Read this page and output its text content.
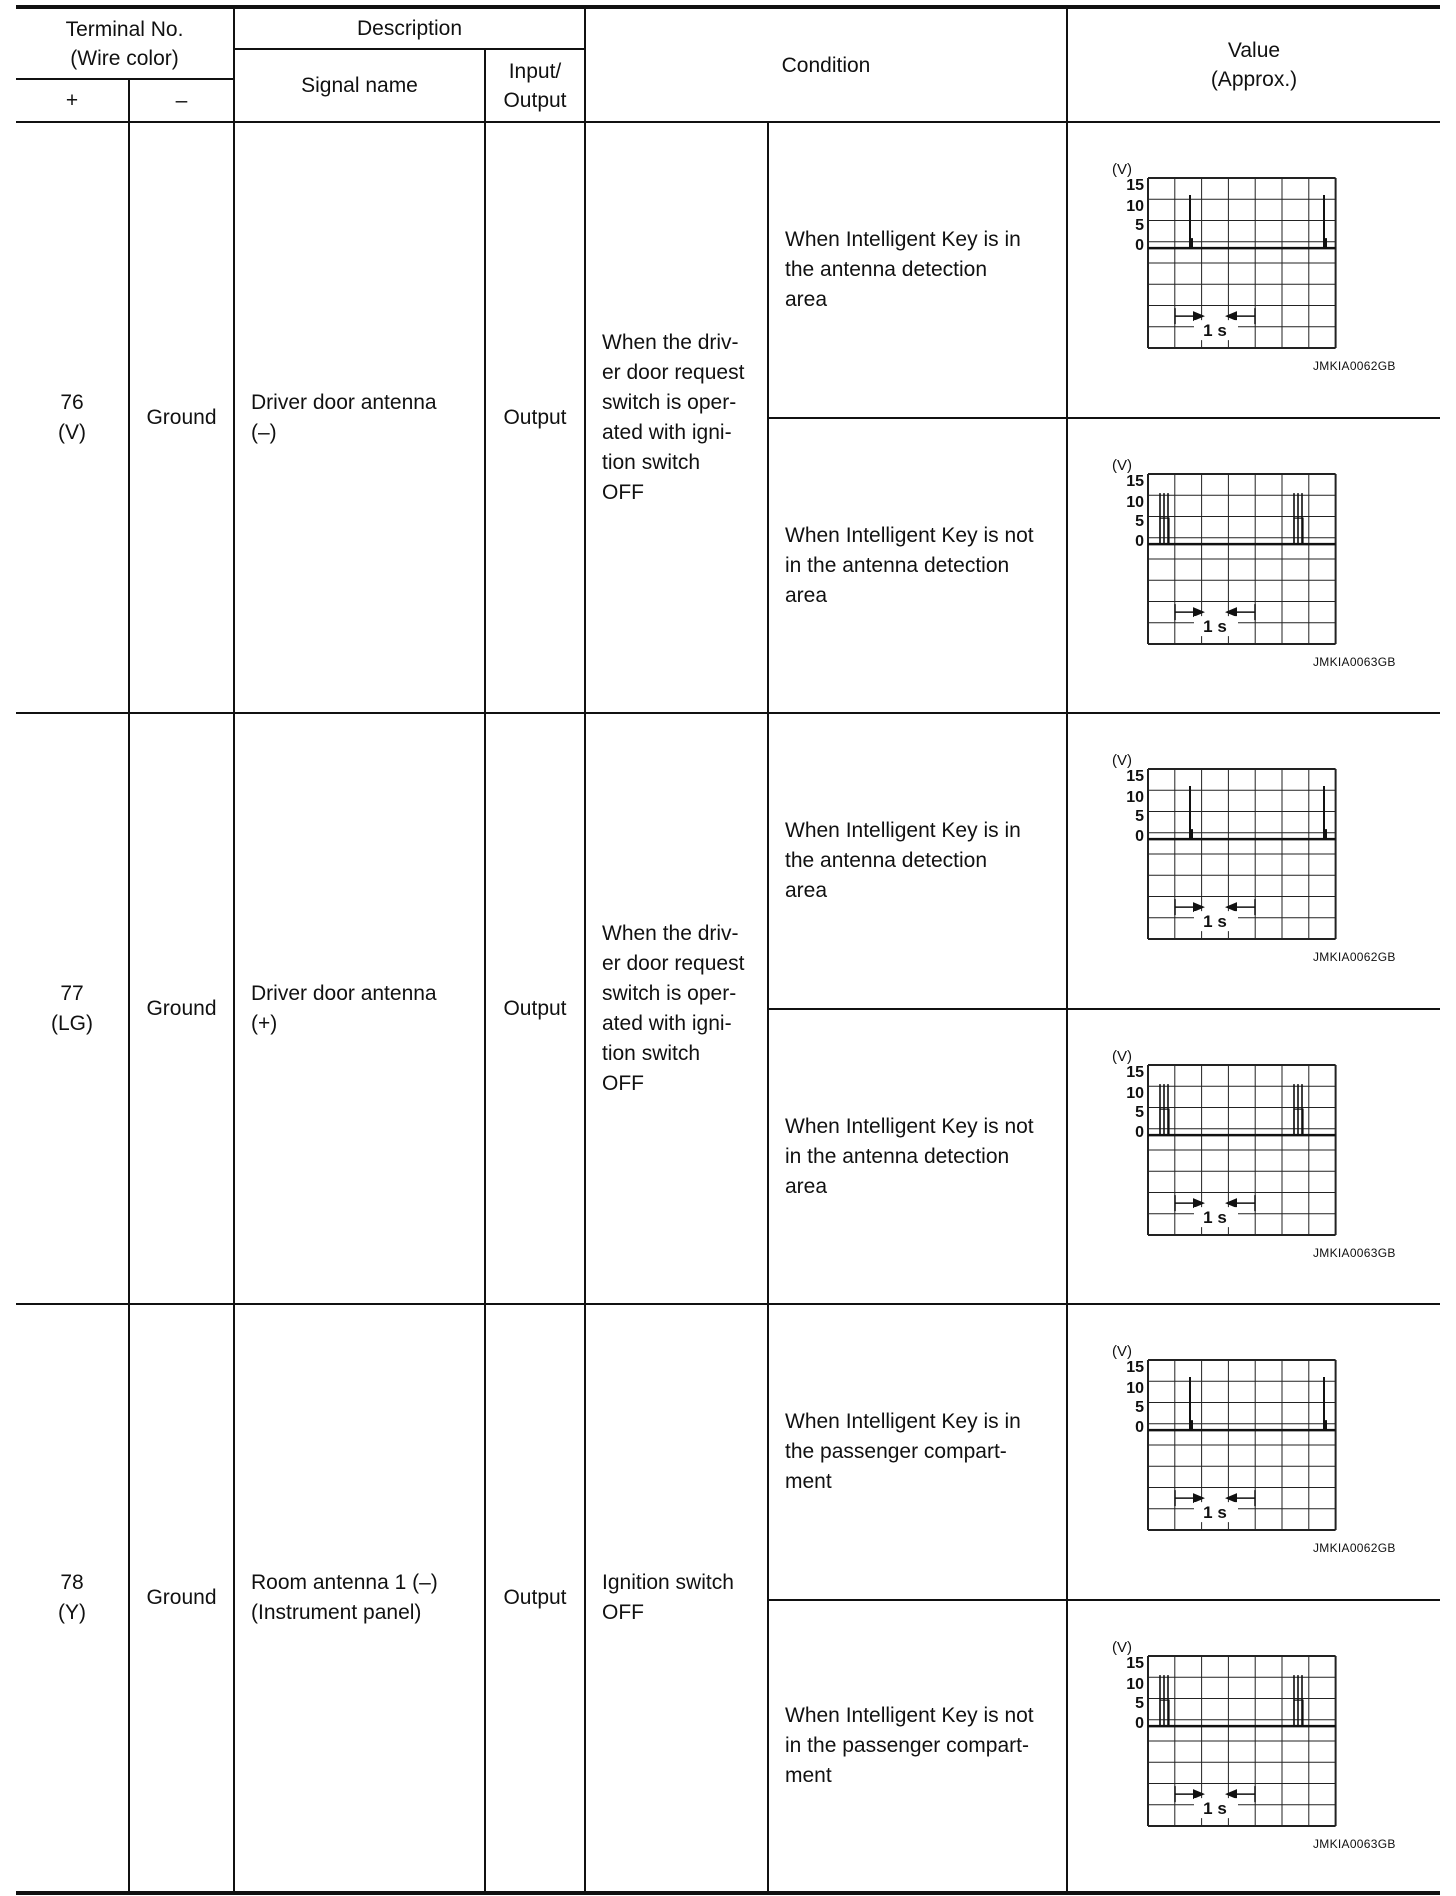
Terminal No.
(Wire color)
+	–
Description
Signal name
Input/
Output
Condition
Value
(Approx.)
76
(V)
Ground
Driver door antenna
(–)
Output
When the driv-
er door request
switch is oper-
ated with igni-
tion switch
OFF
When Intelligent Key is in
the antenna detection
area
When Intelligent Key is not
in the antenna detection
area
(V)
15
10
5
0
1 s
JMKIA0062GB
(V)
15
10
5
0
1 s
JMKIA0063GB
77
(LG)
Ground
Driver door antenna
(+)
Output
When the driv-
er door request
switch is oper-
ated with igni-
tion switch
OFF
When Intelligent Key is in
the antenna detection
area
When Intelligent Key is not
in the antenna detection
area
(V)
15
10
5
0
1 s
JMKIA0062GB
(V)
15
10
5
0
1 s
JMKIA0063GB
78
(Y)
Ground
Room antenna 1 (–)
(Instrument panel)
Output
Ignition switch
OFF
When Intelligent Key is in
the passenger compart-
ment
When Intelligent Key is not
in the passenger compart-
ment
(V)
15
10
5
0
1 s
JMKIA0062GB
(V)
15
10
5
0
1 s
JMKIA0063GB
